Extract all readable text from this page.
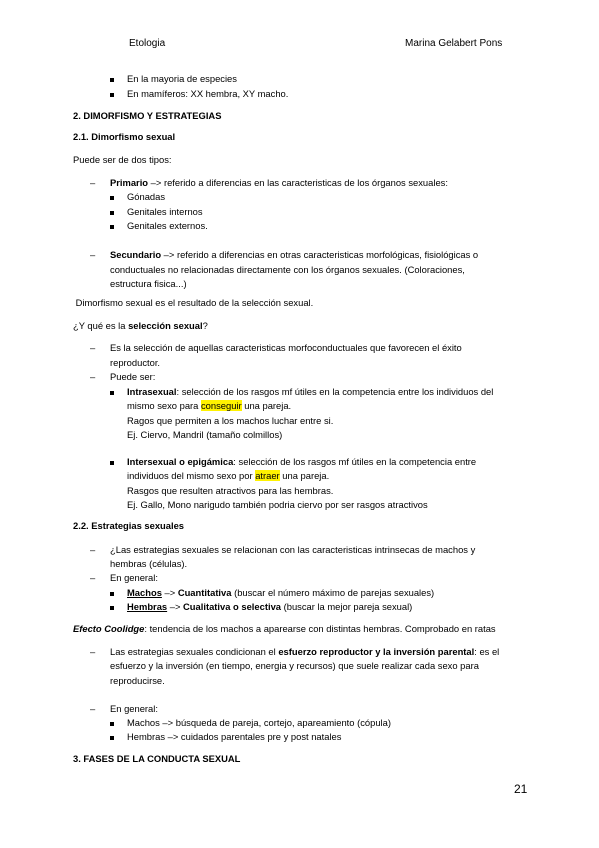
Etologia	Marina Gelabert Pons
En la mayoria de especies
En mamíferos: XX hembra, XY macho.
2. DIMORFISMO Y ESTRATEGIAS
2.1. Dimorfismo sexual
Puede ser de dos tipos:
– Primario –> referido a diferencias en las caracteristicas de los órganos sexuales:
Gónadas
Genitales internos
Genitales externos.
– Secundario –> referido a diferencias en otras caracteristicas morfológicas, fisiológicas o
conductuales no relacionadas directamente con los órganos sexuales. (Coloraciones,
estructura fisica...)
Dimorfismo sexual es el resultado de la selección sexual.
¿Y qué es la selección sexual?
– Es la selección de aquellas caracteristicas morfoconductuales que favorecen el éxito
reproductor.
– Puede ser:
Intrasexual: selección de los rasgos mf útiles en la competencia entre los individuos del
mismo sexo para conseguir una pareja.
Ragos que permiten a los machos luchar entre si.
Ej. Ciervo, Mandril (tamaño colmillos)
Intersexual o epigámica: selección de los rasgos mf útiles en la competencia entre
individuos del mismo sexo por atraer una pareja.
Rasgos que resulten atractivos para las hembras.
Ej. Gallo, Mono narigudo también podria ciervo por ser rasgos atractivos
2.2. Estrategias sexuales
– ¿Las estrategias sexuales se relacionan con las caracteristicas intrinsecas de machos y
hembras (células).
– En general:
Machos –> Cuantitativa (buscar el número máximo de parejas sexuales)
Hembras –> Cualitativa o selectiva (buscar la mejor pareja sexual)
Efecto Coolidge: tendencia de los machos a aparearse con distintas hembras. Comprobado en ratas
– Las estrategias sexuales condicionan el esfuerzo reproductor y la inversión parental: es el
esfuerzo y la inversión (en tiempo, energia y recursos) que suele realizar cada sexo para
reproducirse.
– En general:
Machos –> búsqueda de pareja, cortejo, apareamiento (cópula)
Hembras –> cuidados parentales pre y post natales
3. FASES DE LA CONDUCTA SEXUAL
21
